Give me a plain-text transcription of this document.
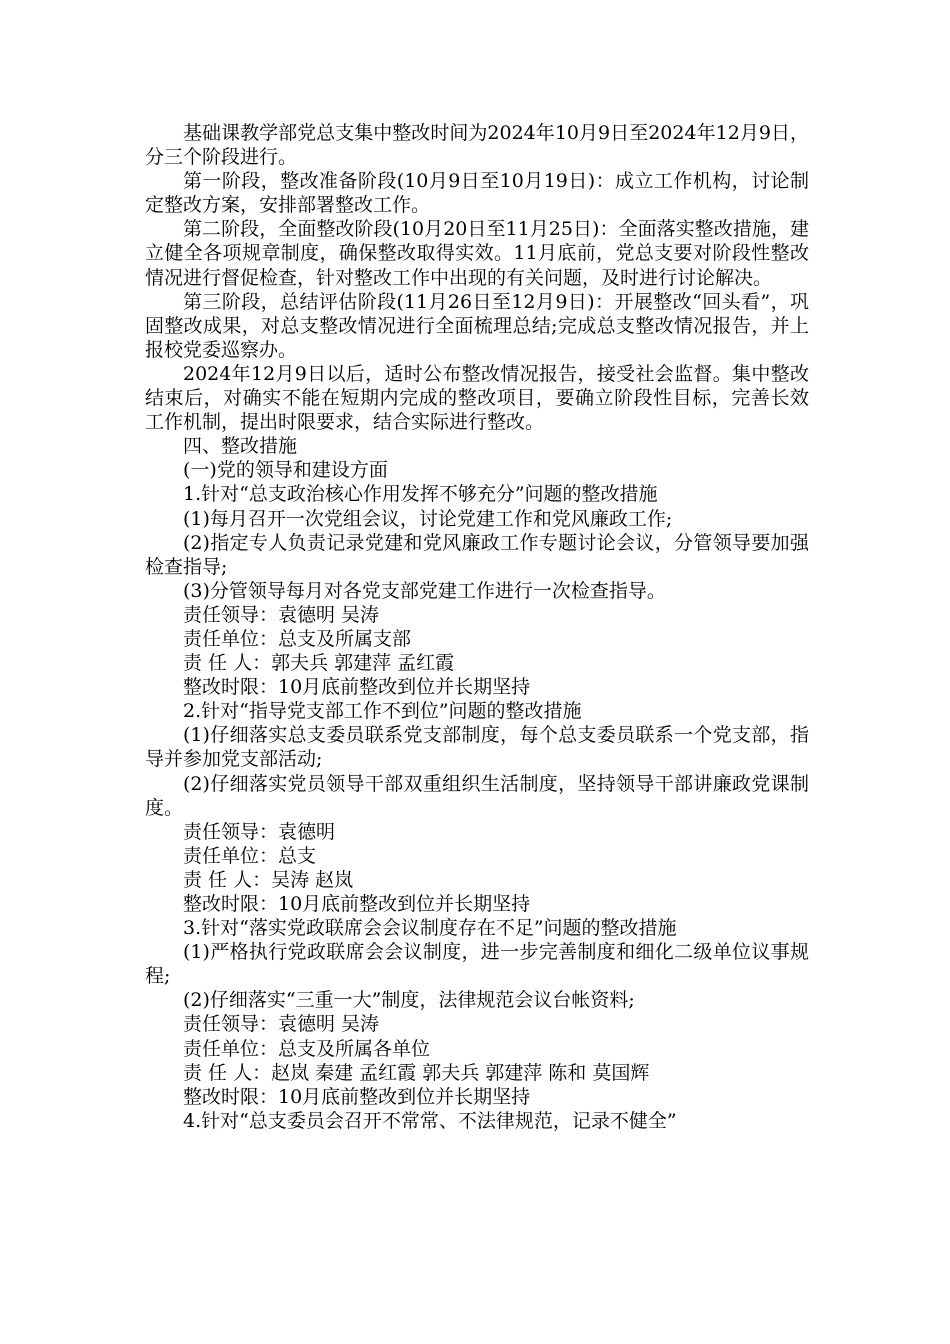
基础课教学部党总支集中整改时间为2024年10月9日至2024年12月9日，分三个阶段进行。

第一阶段，整改准备阶段(10月9日至10月19日)：成立工作机构，讨论制定整改方案，安排部署整改工作。

第二阶段，全面整改阶段(10月20日至11月25日)：全面落实整改措施，建立健全各项规章制度，确保整改取得实效。11月底前，党总支要对阶段性整改情况进行督促检查，针对整改工作中出现的有关问题，及时进行讨论解决。

第三阶段，总结评估阶段(11月26日至12月9日)：开展整改“回头看”，巩固整改成果，对总支整改情况进行全面梳理总结;完成总支整改情况报告，并上报校党委巡察办。

2024年12月9日以后，适时公布整改情况报告，接受社会监督。集中整改结束后，对确实不能在短期内完成的整改项目，要确立阶段性目标，完善长效工作机制，提出时限要求，结合实际进行整改。

四、整改措施

(一)党的领导和建设方面

1.针对“总支政治核心作用发挥不够充分”问题的整改措施

(1)每月召开一次党组会议，讨论党建工作和党风廉政工作;

(2)指定专人负责记录党建和党风廉政工作专题讨论会议，分管领导要加强检查指导;

(3)分管领导每月对各党支部党建工作进行一次检查指导。

责任领导：袁德明 吴涛

责任单位：总支及所属支部

责 任 人：郭夫兵 郭建萍 孟红霞

整改时限：10月底前整改到位并长期坚持

2.针对“指导党支部工作不到位”问题的整改措施

(1)仔细落实总支委员联系党支部制度，每个总支委员联系一个党支部，指导并参加党支部活动;

(2)仔细落实党员领导干部双重组织生活制度，坚持领导干部讲廉政党课制度。

责任领导：袁德明

责任单位：总支

责 任 人：吴涛 赵岚

整改时限：10月底前整改到位并长期坚持

3.针对“落实党政联席会会议制度存在不足”问题的整改措施

(1)严格执行党政联席会会议制度，进一步完善制度和细化二级单位议事规程;

(2)仔细落实“三重一大”制度，法律规范会议台帐资料;

责任领导：袁德明 吴涛

责任单位：总支及所属各单位

责 任 人：赵岚 秦建 孟红霞 郭夫兵 郭建萍 陈和 莫国辉

整改时限：10月底前整改到位并长期坚持

4.针对“总支委员会召开不常常、不法律规范，记录不健全”
